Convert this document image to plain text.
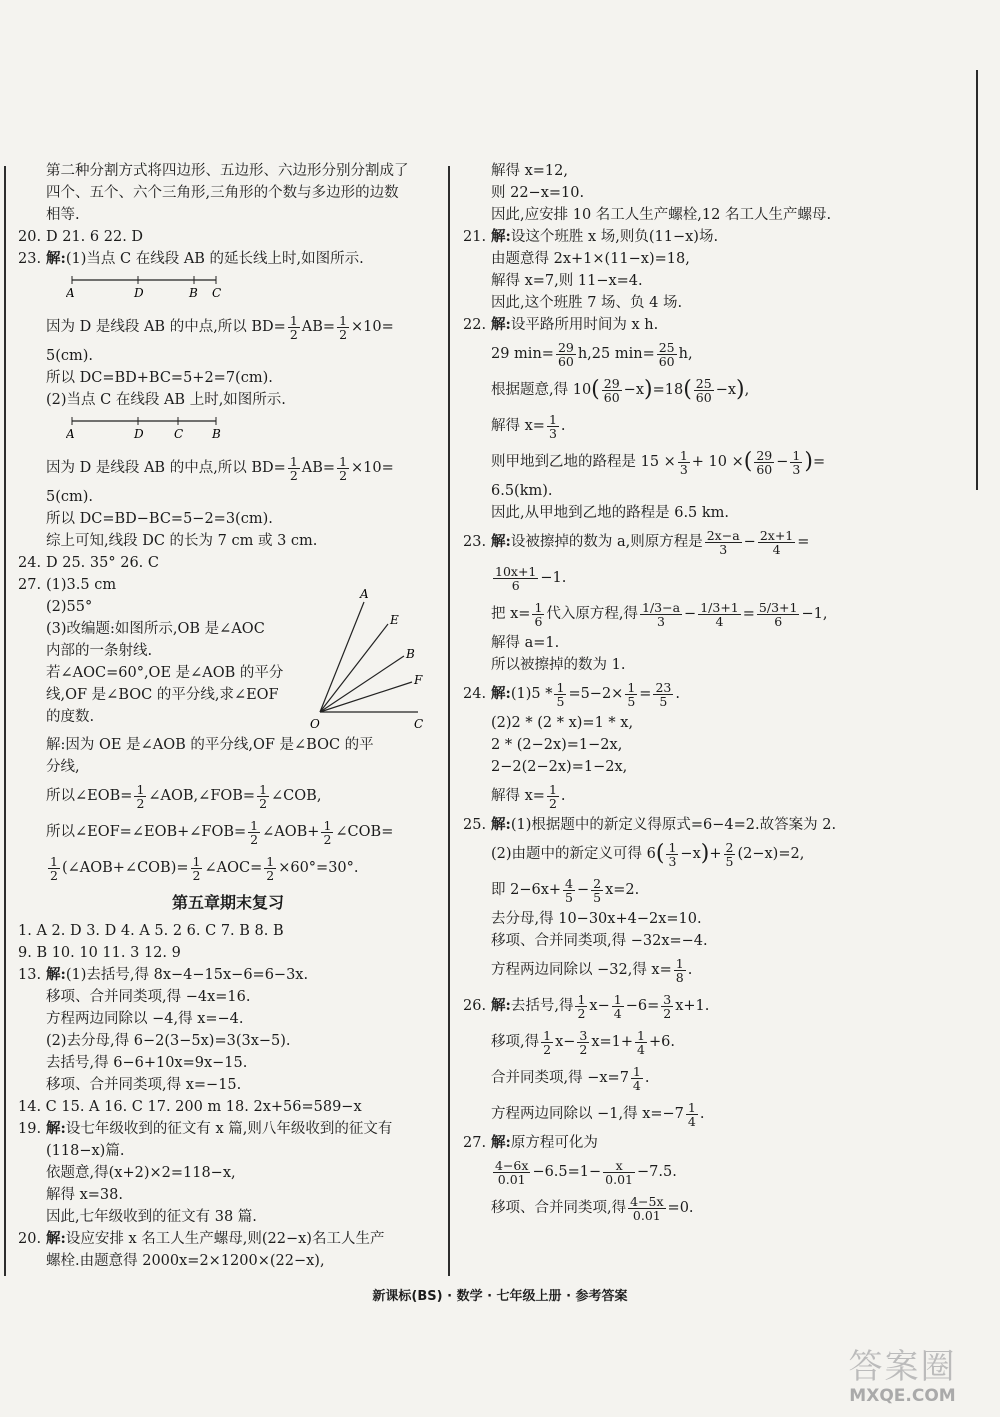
第二种分割方式将四边形、五边形、六边形分别分割成了
四个、五个、六个三角形,三角形的个数与多边形的边数
相等.
20. D 21. 6 22. D
23. 解:(1)当点 C 在线段 AB 的延长线上时,如图所示.
A	D	B C
因为 D 是线段 AB 的中点,所以 $BD= \frac{1}{2} AB= \frac{1}{2} \times 10=$
5(cm).
所以 DC=BD+BC=5+2=7(cm).
(2)当点 C 在线段 AB 上时,如图所示.
A	D	C B
因为 D 是线段 AB 的中点,所以 $BD= \frac{1}{2} AB= \frac{1}{2} \times 10=$
5(cm).
所以 DC=BD−BC=5−2=3(cm).
综上可知,线段 DC 的长为 7 cm 或 3 cm.
24. D 25. 35° 26. C
27. (1)3.5 cm
(2)55°
(3)改编题:如图所示,OB 是∠AOC
内部的一条射线.
若∠AOC=60°,OE 是∠AOB 的平分
线,OF 是∠BOC 的平分线,求∠EOF
的度数.
A
E
B
F
O	C
解:因为 OE 是∠AOB 的平分线,OF 是∠BOC 的平
分线,
所以∠EOB= $\frac{1}{2}$ ∠AOB,∠FOB= $\frac{1}{2}$ ∠COB,
所以∠EOF=∠EOB+∠FOB= $\frac{1}{2}$ ∠AOB+ $\frac{1}{2}$ ∠COB=
$\frac{1}{2}$ (∠AOB+∠COB)= $\frac{1}{2}$ ∠AOC= $\frac{1}{2} \times 60^\circ=30^\circ$.
第五章期末复习
1. A 2. D 3. D 4. A 5. 2 6. C 7. B 8. B
9. B 10. 10 11. 3 12. 9
13. 解:(1)去括号,得 8x−4−15x−6=6−3x.
移项、合并同类项,得 −4x=16.
方程两边同除以 −4,得 x=−4.
(2)去分母,得 6−2(3−5x)=3(3x−5).
去括号,得 6−6+10x=9x−15.
移项、合并同类项,得 x=−15.
14. C 15. A 16. C 17. 200 m 18. 2x+56=589−x
19. 解:设七年级收到的征文有 x 篇,则八年级收到的征文有
(118−x)篇.
依题意,得(x+2)×2=118−x,
解得 x=38.
因此,七年级收到的征文有 38 篇.
20. 解:设应安排 x 名工人生产螺母,则(22−x)名工人生产
螺栓.由题意得 2000x=2×1200×(22−x),
解得 x=12,
则 22−x=10.
因此,应安排 10 名工人生产螺栓,12 名工人生产螺母.
21. 解:设这个班胜 x 场,则负(11−x)场.
由题意得 2x+1×(11−x)=18,
解得 x=7,则 11−x=4.
因此,这个班胜 7 场、负 4 场.
22. 解:设平路所用时间为 x h.
29 $\min= \frac{29}{60} h,25$ $\min= \frac{25}{60} h$,
根据题意,得 $10( \frac{29}{60} -x)=18( \frac{25}{60} -x)$,
解得 $x= \frac{1}{3}$ .
则甲地到乙地的路程是 $15 \times \frac{1}{3} + 10$ ×( $\frac{29}{60} - \frac{1}{3}$ )=
6.5(km).
因此,从甲地到乙地的路程是 6.5 km.
23. 解:设被擦掉的数为 a,则原方程是 $\frac{2x-a}{3} - \frac{2x+1}{4}$ =
$\frac{10x+1}{6} -1$.
把 $x= \frac{1}{6}$ 代入原方程,得 $\frac{1/3-a}{3} - \frac{1/3+1}{4} = \frac{5/3+1}{6} -1$,
解得 a=1.
所以被擦掉的数为 1.
24. 解:(1)5 * $\frac{1}{5} =5-2\times \frac{1}{5} = \frac{23}{5}$ .
(2)2 * (2 * x)=1 * x,
2 * (2−2x)=1−2x,
2−2(2−2x)=1−2x,
解得 $x= \frac{1}{2}$ .
25. 解:(1)根据题中的新定义得原式=6−4=2.故答案为 2.
(2)由题中的新定义可得 $6( \frac{1}{3} -x)+ \frac{2}{5} (2-x)=2$,
即 $2-6x+ \frac{4}{5} - \frac{2}{5} x=2$.
去分母,得 10−30x+4−2x=10.
移项、合并同类项,得 −32x=−4.
方程两边同除以 −32,得 $x= \frac{1}{8}$ .
26. 解:去括号,得 $\frac{1}{2} x- \frac{1}{4} -6= \frac{3}{2} x+1$.
移项,得 $\frac{1}{2} x- \frac{3}{2} x=1+ \frac{1}{4} +6$.
合并同类项,得 $-x=7 \frac{1}{4}$ .
方程两边同除以 −1,得 $x=-7 \frac{1}{4}$ .
27. 解:原方程可化为
$\frac{4-6x}{0.01} -6.5=1- \frac{x}{0.01} -7.5$.
移项、合并同类项,得 $\frac{4-5x}{0.01} =0$.
新课标(BS) · 数学 · 七年级上册 · 参考答案
答案圈
MXQE.COM
